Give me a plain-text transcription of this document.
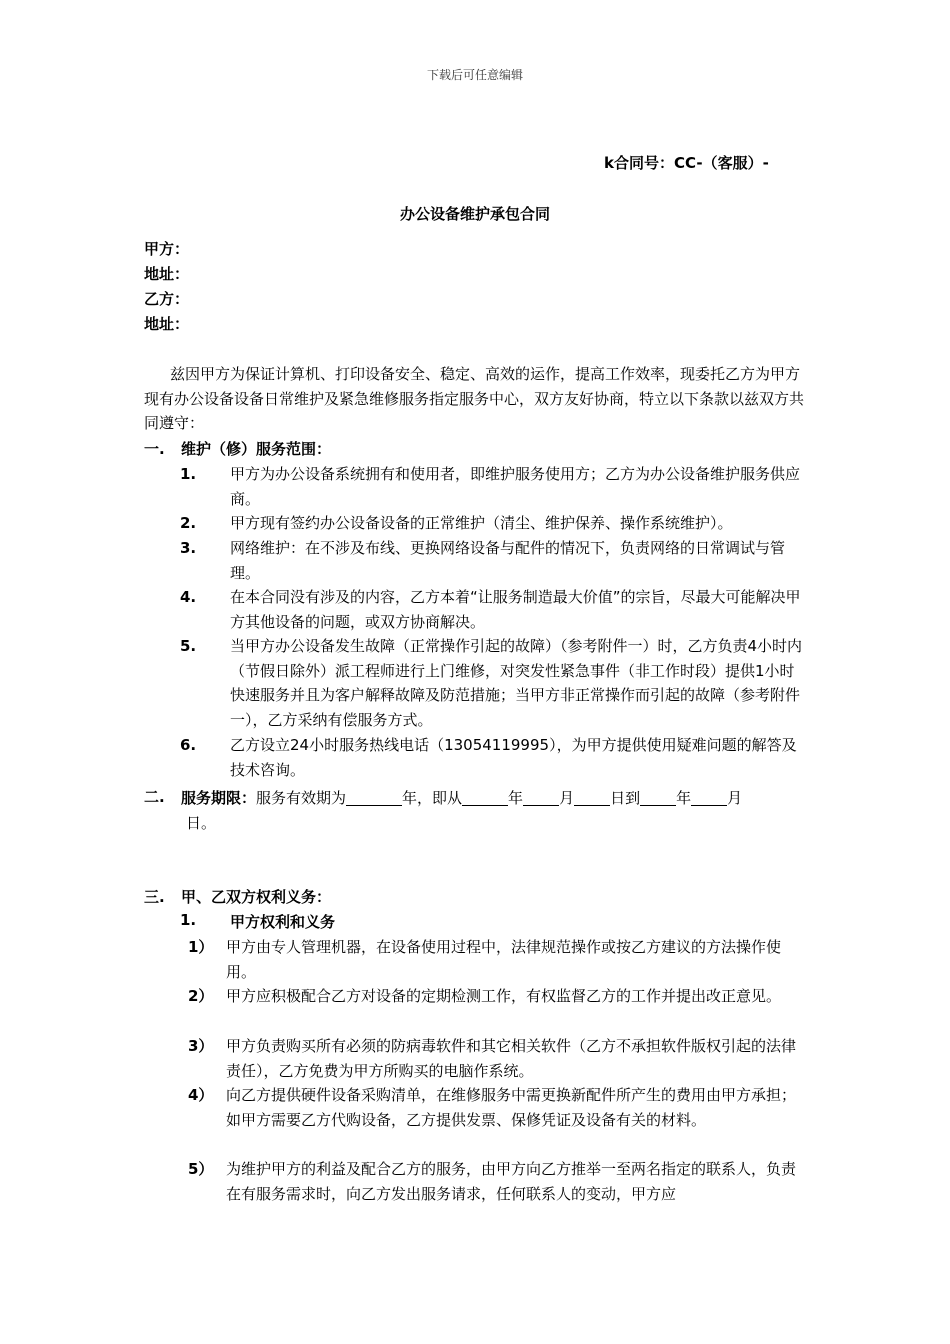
下载后可任意编辑
k合同号：CC-（客服）-
办公设备维护承包合同
甲方：
地址：
乙方：
地址：
兹因甲方为保证计算机、打印设备安全、稳定、高效的运作，提高工作效率，现委托乙方为甲方现有办公设备设备日常维护及紧急维修服务指定服务中心，双方友好协商，特立以下条款以兹双方共同遵守：
一. 维护（修）服务范围：
1. 甲方为办公设备系统拥有和使用者，即维护服务使用方；乙方为办公设备维护服务供应商。
2. 甲方现有签约办公设备设备的正常维护（清尘、维护保养、操作系统维护）。
3. 网络维护：在不涉及布线、更换网络设备与配件的情况下，负责网络的日常调试与管理。
4. 在本合同没有涉及的内容，乙方本着“让服务制造最大价值”的宗旨，尽最大可能解决甲方其他设备的问题，或双方协商解决。
5. 当甲方办公设备发生故障（正常操作引起的故障）（参考附件一）时，乙方负责4小时内（节假日除外）派工程师进行上门维修，对突发性紧急事件（非工作时段）提供1小时快速服务并且为客户解释故障及防范措施；当甲方非正常操作而引起的故障（参考附件一），乙方采纳有偿服务方式。
6. 乙方设立24小时服务热线电话（13054119995），为甲方提供使用疑难问题的解答及技术咨询。
二. 服务期限：服务有效期为	年，即从	年 月 日到 年 月
日。
三. 甲、乙双方权利义务：
1. 甲方权利和义务
1） 甲方由专人管理机器，在设备使用过程中，法律规范操作或按乙方建议的方法操作使用。
2） 甲方应积极配合乙方对设备的定期检测工作，有权监督乙方的工作并提出改正意见。
3） 甲方负责购买所有必须的防病毒软件和其它相关软件（乙方不承担软件版权引起的法律责任），乙方免费为甲方所购买的电脑作系统。
4） 向乙方提供硬件设备采购清单，在维修服务中需更换新配件所产生的费用由甲方承担；如甲方需要乙方代购设备，乙方提供发票、保修凭证及设备有关的材料。
5） 为维护甲方的利益及配合乙方的服务，由甲方向乙方推举一至两名指定的联系人，负责在有服务需求时，向乙方发出服务请求，任何联系人的变动，甲方应
